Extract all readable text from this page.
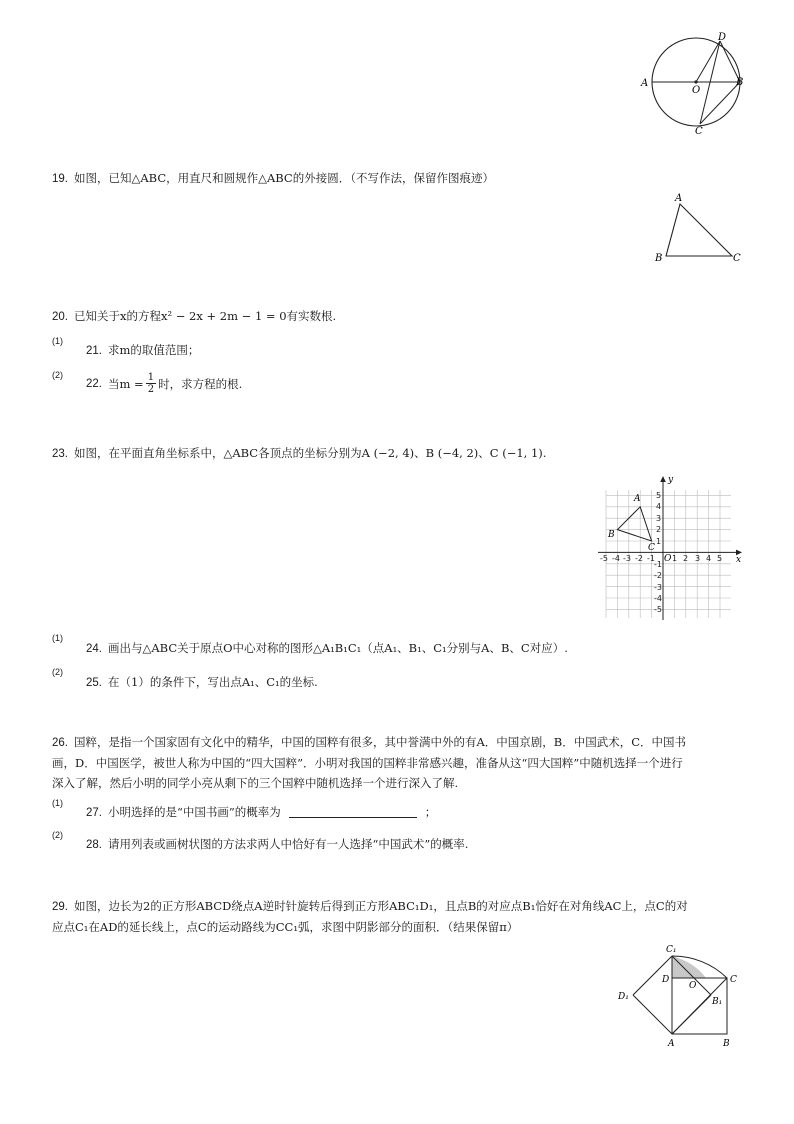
A	B
C
D
O
19. 如图，已知△ABC，用直尺和圆规作△ABC的外接圆．（不写作法，保留作图痕迹）
A
B	C
20. 已知关于x的方程x² − 2x + 2m − 1 = 0有实数根.
(1)
21. 求m的取值范围；
(2)
22. 当$m = \frac{1}{2}$ 时，求方程的根.
23. 如图，在平面直角坐标系中，△ABC各顶点的坐标分别为A (−2, 4)、B (−4, 2)、C (−1, 1).
A
B
C
x
y
O
-5 -4 -3 -2 -1 1 2 3 4 5
5
4
3
2
1
-1
-2
-3
-4
-5
(1)
24. 画出与△ABC关于原点O中心对称的图形△A₁B₁C₁（点A₁、B₁、C₁分别与A、B、C对应）.
(2)
25. 在（1）的条件下，写出点A₁、C₁的坐标.
26. 国粹，是指一个国家固有文化中的精华，中国的国粹有很多，其中誉满中外的有A．中国京剧，B．中国武术，C．中国书
画，D．中国医学，被世人称为中国的“四大国粹”．小明对我国的国粹非常感兴趣，准备从这“四大国粹”中随机选择一个进行
深入了解，然后小明的同学小亮从剩下的三个国粹中随机选择一个进行深入了解.
(1)
27. 小明选择的是“中国书画”的概率为	；
(2)
28. 请用列表或画树状图的方法求两人中恰好有一人选择“中国武术”的概率.
29. 如图，边长为2的正方形ABCD绕点A逆时针旋转后得到正方形ABC₁D₁，且点B的对应点B₁恰好在对角线AC上，点C的对
应点C₁在AD的延长线上，点C的运动路线为CC₁弧，求图中阴影部分的面积．（结果保留π）
C₁
C
D
O
D₁	B₁
A	B
